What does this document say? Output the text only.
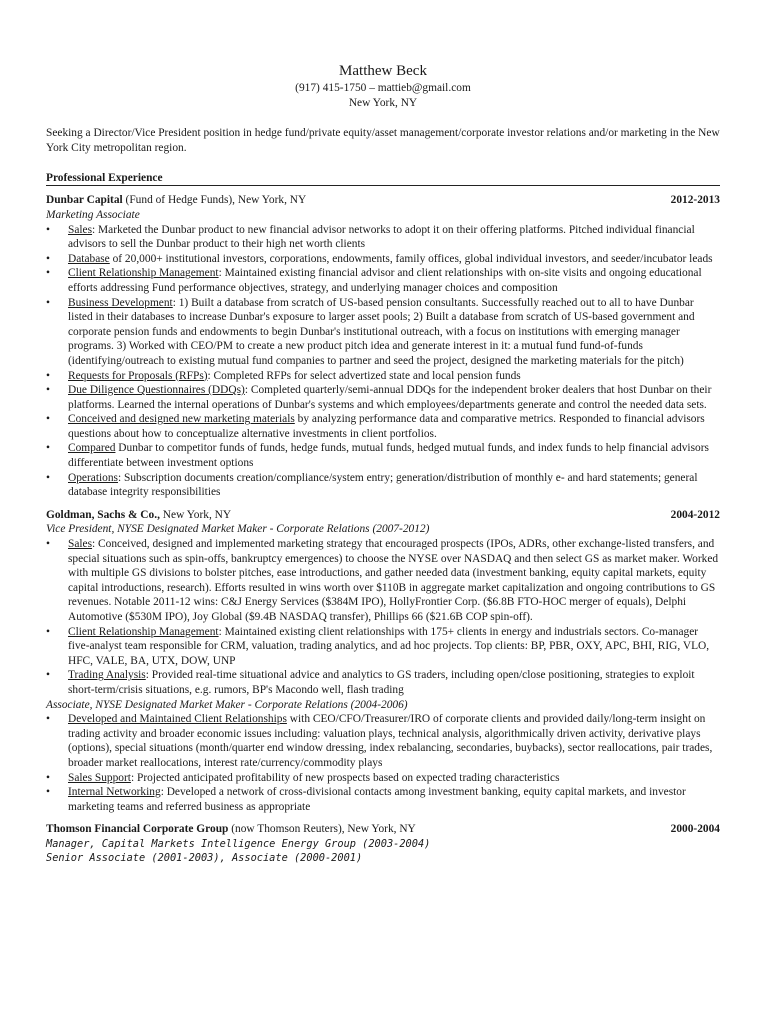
Matthew Beck
(917) 415-1750 – mattieb@gmail.com
New York, NY
Seeking a Director/Vice President position in hedge fund/private equity/asset management/corporate investor relations and/or marketing in the New York City metropolitan region.
Professional Experience
Dunbar Capital (Fund of Hedge Funds), New York, NY	2012-2013
Marketing Associate
• Sales: Marketed the Dunbar product to new financial advisor networks to adopt it on their offering platforms. Pitched individual financial advisors to sell the Dunbar product to their high net worth clients
• Database of 20,000+ institutional investors, corporations, endowments, family offices, global individual investors, and seeder/incubator leads
• Client Relationship Management: Maintained existing financial advisor and client relationships with on-site visits and ongoing educational efforts addressing Fund performance objectives, strategy, and underlying manager choices and composition
• Business Development: 1) Built a database from scratch of US-based pension consultants. Successfully reached out to all to have Dunbar listed in their databases to increase Dunbar's exposure to larger asset pools; 2) Built a database from scratch of US-based government and corporate pension funds and endowments to begin Dunbar's institutional outreach, with a focus on institutions with emerging manager programs. 3) Worked with CEO/PM to create a new product pitch idea and generate interest in it: a mutual fund fund-of-funds (identifying/outreach to existing mutual fund companies to partner and seed the project, designed the marketing materials for the pitch)
• Requests for Proposals (RFPs): Completed RFPs for select advertized state and local pension funds
• Due Diligence Questionnaires (DDQs): Completed quarterly/semi-annual DDQs for the independent broker dealers that host Dunbar on their platforms. Learned the internal operations of Dunbar's systems and which employees/departments generate and control the needed data sets.
• Conceived and designed new marketing materials by analyzing performance data and comparative metrics. Responded to financial advisors questions about how to conceptualize alternative investments in client portfolios.
• Compared Dunbar to competitor funds of funds, hedge funds, mutual funds, hedged mutual funds, and index funds to help financial advisors differentiate between investment options
• Operations: Subscription documents creation/compliance/system entry; generation/distribution of monthly e- and hard statements; general database integrity responsibilities
Goldman, Sachs & Co., New York, NY	2004-2012
Vice President, NYSE Designated Market Maker - Corporate Relations (2007-2012)
• Sales: Conceived, designed and implemented marketing strategy that encouraged prospects (IPOs, ADRs, other exchange-listed transfers, and special situations such as spin-offs, bankruptcy emergences) to choose the NYSE over NASDAQ and then select GS as market maker. Worked with multiple GS divisions to bolster pitches, ease introductions, and gather needed data (investment banking, equity capital markets, equity capital introductions, research). Efforts resulted in wins worth over $110B in aggregate market capitalization and ongoing contributions to GS revenues. Notable 2011-12 wins: C&J Energy Services ($384M IPO), HollyFrontier Corp. ($6.8B FTO-HOC merger of equals), Delphi Automotive ($530M IPO), Joy Global ($9.4B NASDAQ transfer), Phillips 66 ($21.6B COP spin-off).
• Client Relationship Management: Maintained existing client relationships with 175+ clients in energy and industrials sectors. Co-manager five-analyst team responsible for CRM, valuation, trading analytics, and ad hoc projects. Top clients: BP, PBR, OXY, APC, BHI, RIG, VLO, HFC, VALE, BA, UTX, DOW, UNP
• Trading Analysis: Provided real-time situational advice and analytics to GS traders, including open/close positioning, strategies to exploit short-term/crisis situations, e.g. rumors, BP's Macondo well, flash trading
Associate, NYSE Designated Market Maker - Corporate Relations (2004-2006)
• Developed and Maintained Client Relationships with CEO/CFO/Treasurer/IRO of corporate clients and provided daily/long-term insight on trading activity and broader economic issues including: valuation plays, technical analysis, algorithmically driven activity, derivative plays (options), special situations (month/quarter end window dressing, index rebalancing, secondaries, buybacks), sector reallocations, pair trades, broader market reallocations, interest rate/currency/commodity plays
• Sales Support: Projected anticipated profitability of new prospects based on expected trading characteristics
• Internal Networking: Developed a network of cross-divisional contacts among investment banking, equity capital markets, and investor marketing teams and referred business as appropriate
Thomson Financial Corporate Group (now Thomson Reuters), New York, NY	2000-2004
Manager, Capital Markets Intelligence Energy Group (2003-2004)
Senior Associate (2001-2003), Associate (2000-2001)
